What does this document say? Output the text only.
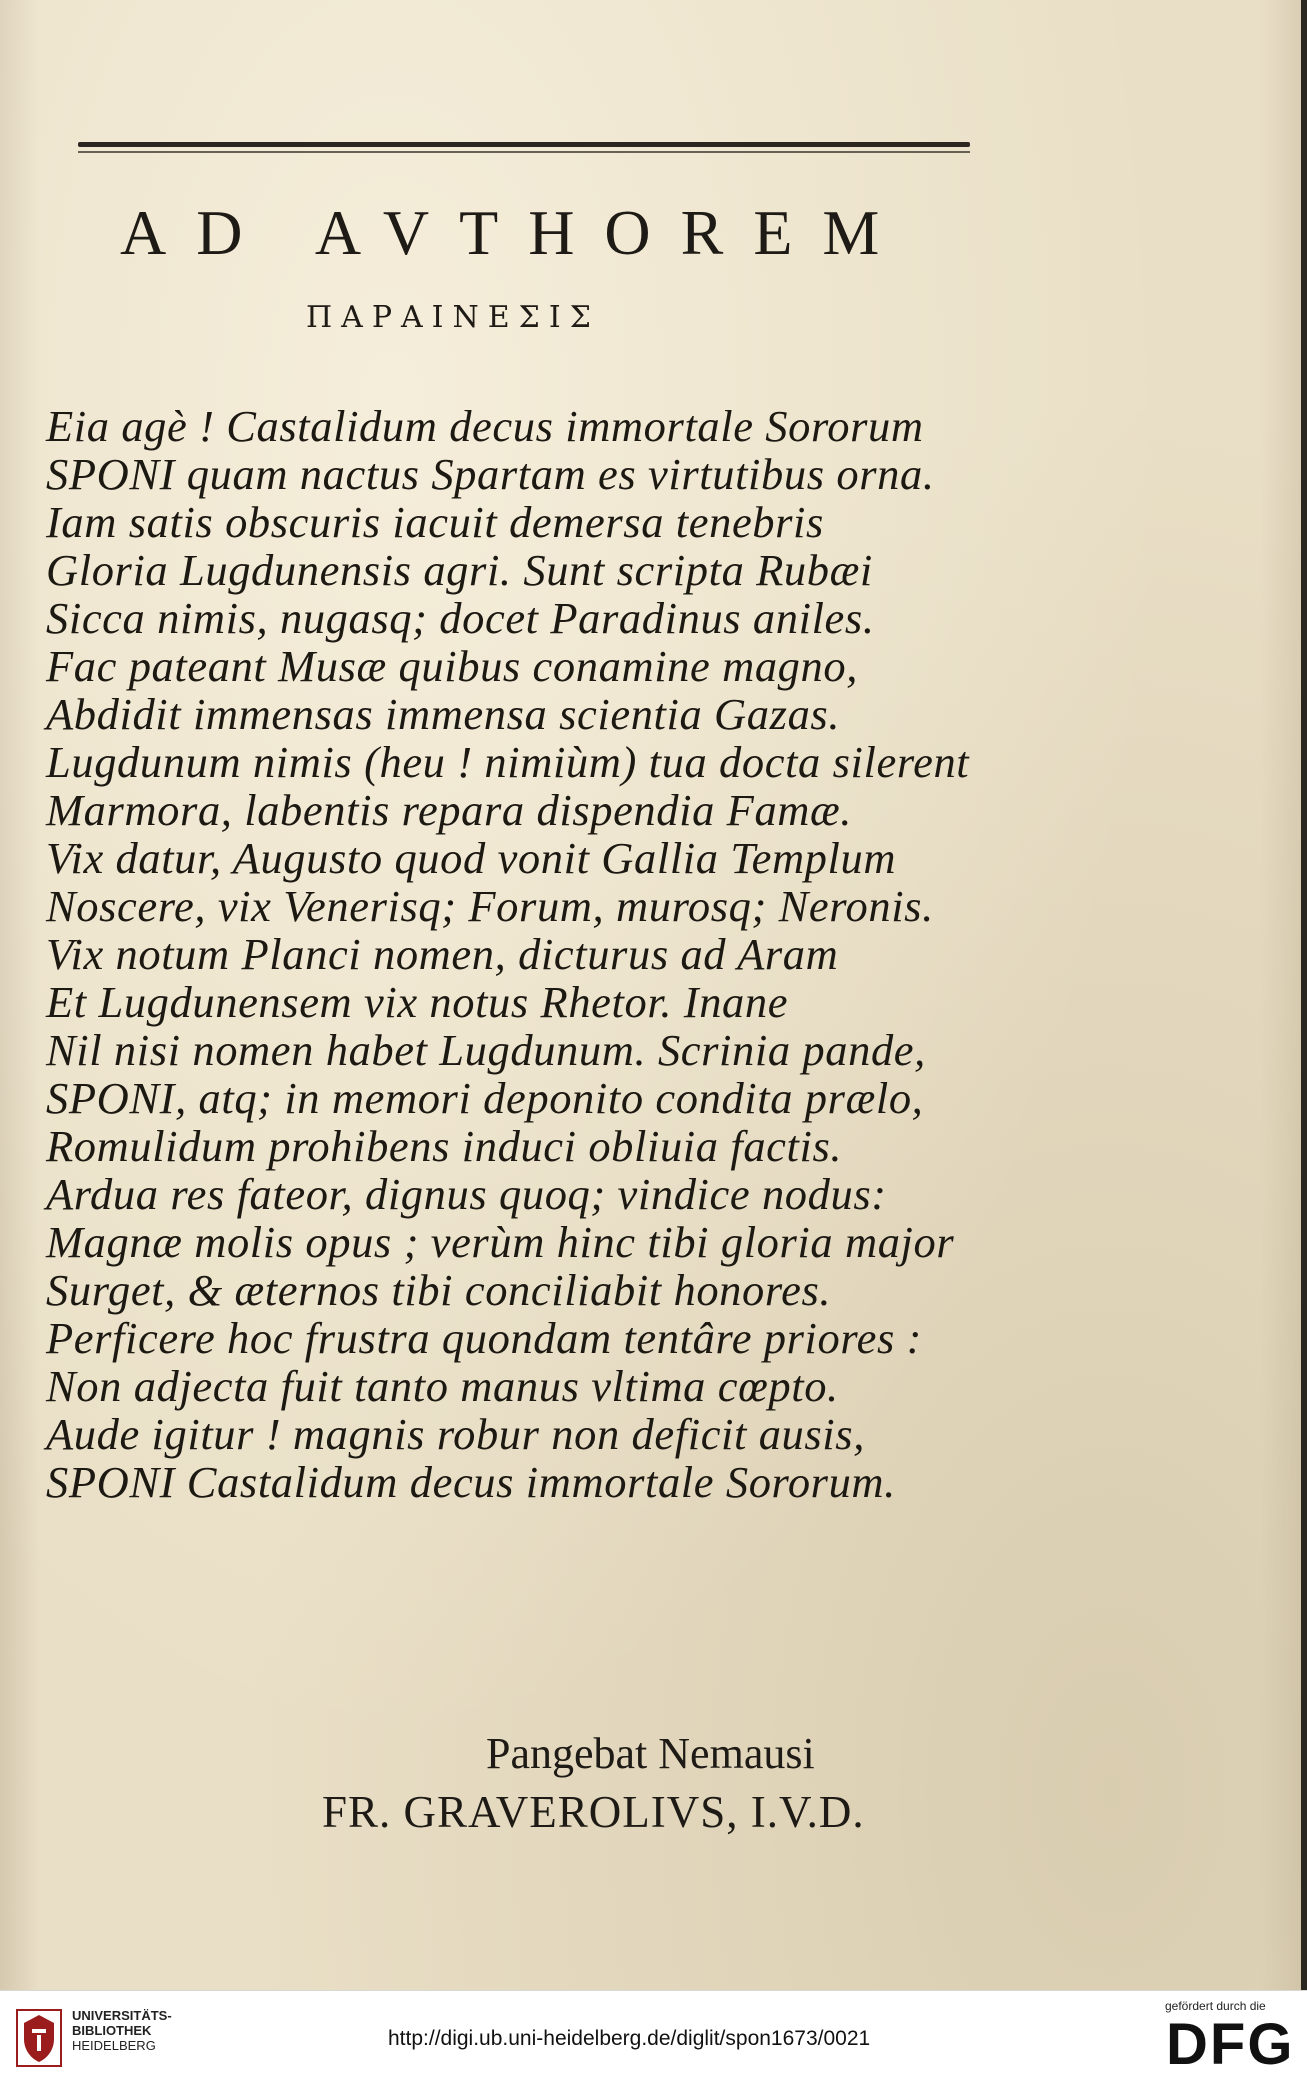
AD AVTHOREM
ΠΑΡΑΙΝΕΣΙΣ
Eia agè ! Castalidum decus immortale Sororum
SPONI quam nactus Spartam es virtutibus orna.
Iam satis obscuris iacuit demersa tenebris
Gloria Lugdunensis agri. Sunt scripta Rubæi
Sicca nimis, nugasq; docet Paradinus aniles.
Fac pateant Musæ quibus conamine magno,
Abdidit immensas immensa scientia Gazas.
Lugdunum nimis (heu ! nimiùm) tua docta silerent
Marmora, labentis repara dispendia Famæ.
Vix datur, Augusto quod vonit Gallia Templum
Noscere, vix Venerisq; Forum, murosq; Neronis.
Vix notum Planci nomen, dicturus ad Aram
Et Lugdunensem vix notus Rhetor. Inane
Nil nisi nomen habet Lugdunum. Scrinia pande,
SPONI, atq; in memori deponito condita prælo,
Romulidum prohibens induci obliuia factis.
Ardua res fateor, dignus quoq; vindice nodus:
Magnæ molis opus ; verùm hinc tibi gloria major
Surget, & æternos tibi conciliabit honores.
Perficere hoc frustra quondam tentâre priores :
Non adjecta fuit tanto manus vltima cœpto.
Aude igitur ! magnis robur non deficit ausis,
SPONI Castalidum decus immortale Sororum.
Pangebat Nemausi
FR. GRAVEROLIVS, I.V.D.
UNIVERSITÄTS-
BIBLIOTHEK
HEIDELBERG	http://digi.ub.uni-heidelberg.de/diglit/spon1673/0021
gefördert durch die
DFG
